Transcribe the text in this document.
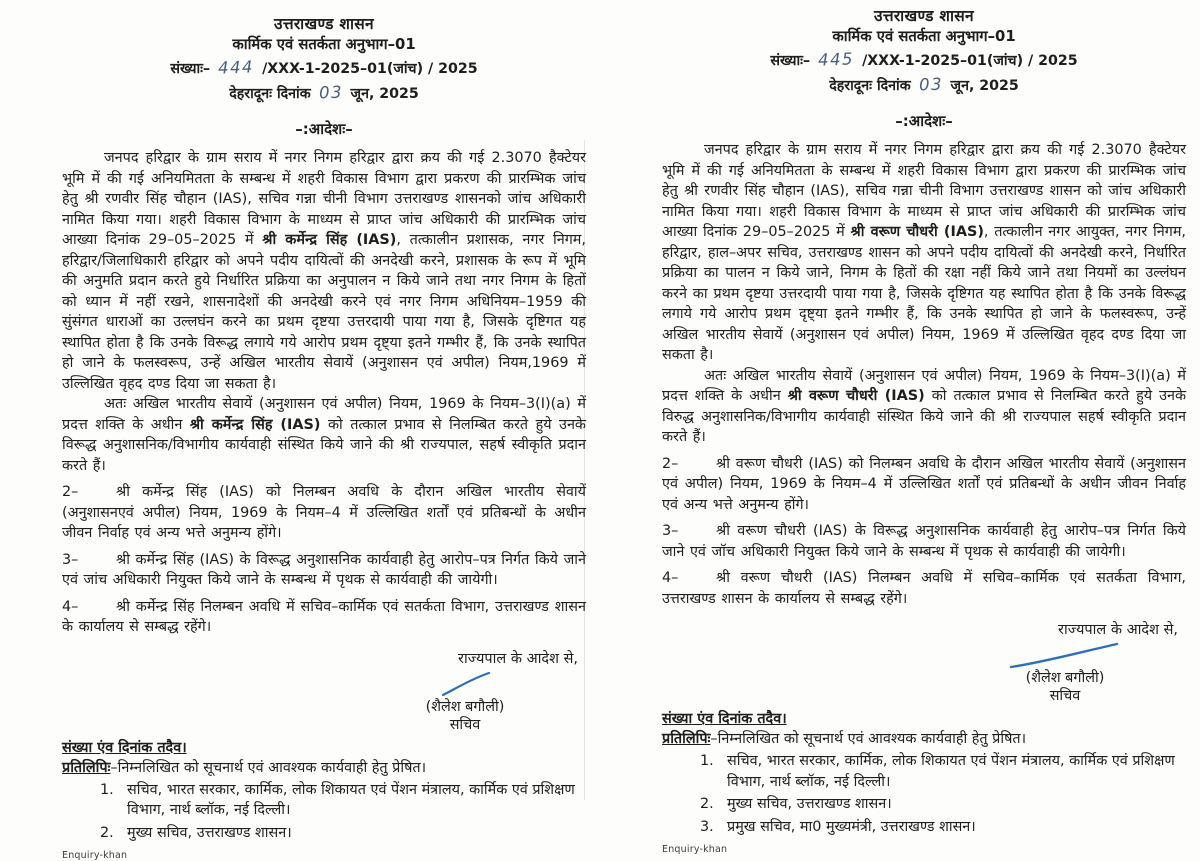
उत्तराखण्ड शासन
कार्मिक एवं सतर्कता अनुभाग–01
संख्याः– 444 /XXX-1-2025–01(जांच) / 2025
देहरादूनः दिनांक 03 जून, 2025
–:आदेशः–

जनपद हरिद्वार के ग्राम सराय में नगर निगम हरिद्वार द्वारा क्रय की गई 2.3070 हैक्टेयर भूमि में की गई अनियमितता के सम्बन्ध में शहरी विकास विभाग द्वारा प्रकरण की प्रारम्भिक जांच हेतु श्री रणवीर सिंह चौहान (IAS), सचिव गन्ना चीनी विभाग उत्तराखण्ड शासनको जांच अधिकारी नामित किया गया। शहरी विकास विभाग के माध्यम से प्राप्त जांच अधिकारी की प्रारम्भिक जांच आख्या दिनांक 29–05–2025 में श्री कर्मेन्द्र सिंह (IAS), तत्कालीन प्रशासक, नगर निगम, हरिद्वार/जिलाधिकारी हरिद्वार को अपने पदीय दायित्वों की अनदेखी करने, प्रशासक के रूप में भूमि की अनुमति प्रदान करते हुये निर्धारित प्रक्रिया का अनुपालन न किये जाने तथा नगर निगम के हितों को ध्यान में नहीं रखने, शासनादेशों की अनदेखी करने एवं नगर निगम अधिनियम–1959 की सुंसंगत धाराओं का उल्लघंन करने का प्रथम दृष्टया उत्तरदायी पाया गया है, जिसके दृष्टिगत यह स्थापित होता है कि उनके विरूद्ध लगाये गये आरोप प्रथम दृष्ट्या इतने गम्भीर हैं, कि उनके स्थापित हो जाने के फलस्वरूप, उन्हें अखिल भारतीय सेवायें (अनुशासन एवं अपील) नियम,1969 में उल्लिखित वृहद दण्ड दिया जा सकता है।

अतः अखिल भारतीय सेवायें (अनुशासन एवं अपील) नियम, 1969 के नियम–3(I)(a) में प्रदत्त शक्ति के अधीन श्री कर्मेन्द्र सिंह (IAS) को तत्काल प्रभाव से निलम्बित करते हुये उनके विरूद्ध अनुशासनिक/विभागीय कार्यवाही संस्थित किये जाने की श्री राज्यपाल, सहर्ष स्वीकृति प्रदान करते हैं।

2–	श्री कर्मेन्द्र सिंह (IAS) को निलम्बन अवधि के दौरान अखिल भारतीय सेवायें (अनुशासनएवं अपील) नियम, 1969 के नियम–4 में उल्लिखित शर्तों एवं प्रतिबन्धों के अधीन जीवन निर्वाह एवं अन्य भत्ते अनुमन्य होंगे।

3–	श्री कर्मेन्द्र सिंह (IAS) के विरूद्ध अनुशासनिक कार्यवाही हेतु आरोप–पत्र निर्गत किये जाने एवं जांच अधिकारी नियुक्त किये जाने के सम्बन्ध में पृथक से कार्यवाही की जायेगी।

4–	श्री कर्मेन्द्र सिंह निलम्बन अवधि में सचिव–कार्मिक एवं सतर्कता विभाग, उत्तराखण्ड शासन के कार्यालय से सम्बद्ध रहेंगे।

राज्यपाल के आदेश से,
(शैलेश बगौली)
सचिव
संख्या एंव दिनांक तदैव।
प्रतिलिपिः–निम्नलिखित को सूचनार्थ एवं आवश्यक कार्यवाही हेतु प्रेषित।
1. सचिव, भारत सरकार, कार्मिक, लोक शिकायत एवं पेंशन मंत्रालय, कार्मिक एवं प्रशिक्षण विभाग, नार्थ ब्लॉक, नई दिल्ली।
2. मुख्य सचिव, उत्तराखण्ड शासन।
Enquiry-khan
उत्तराखण्ड शासन
कार्मिक एवं सतर्कता अनुभाग–01
संख्याः– 445 /XXX-1-2025–01(जांच) / 2025
देहरादूनः दिनांक 03 जून, 2025
–:आदेशः–

जनपद हरिद्वार के ग्राम सराय में नगर निगम हरिद्वार द्वारा क्रय की गई 2.3070 हैक्टेयर भूमि में की गई अनियमितता के सम्बन्ध में शहरी विकास विभाग द्वारा प्रकरण की प्रारम्भिक जांच हेतु श्री रणवीर सिंह चौहान (IAS), सचिव गन्ना चीनी विभाग उत्तराखण्ड शासन को जांच अधिकारी नामित किया गया। शहरी विकास विभाग के माध्यम से प्राप्त जांच अधिकारी की प्रारम्भिक जांच आख्या दिनांक 29–05–2025 में श्री वरूण चौधरी (IAS), तत्कालीन नगर आयुक्त, नगर निगम, हरिद्वार, हाल–अपर सचिव, उत्तराखण्ड शासन को अपने पदीय दायित्वों की अनदेखी करने, निर्धारित प्रक्रिया का पालन न किये जाने, निगम के हितों की रक्षा नहीं किये जाने तथा नियमों का उल्लंघन करने का प्रथम दृष्टया उत्तरदायी पाया गया है, जिसके दृष्टिगत यह स्थापित होता है कि उनके विरूद्ध लगाये गये आरोप प्रथम दृष्ट्या इतने गम्भीर हैं, कि उनके स्थापित हो जाने के फलस्वरूप, उन्हें अखिल भारतीय सेवायें (अनुशासन एवं अपील) नियम, 1969 में उल्लिखित वृहद दण्ड दिया जा सकता है।

अतः अखिल भारतीय सेवायें (अनुशासन एवं अपील) नियम, 1969 के नियम–3(I)(a) में प्रदत्त शक्ति के अधीन श्री वरूण चौधरी (IAS) को तत्काल प्रभाव से निलम्बित करते हुये उनके विरुद्ध अनुशासनिक/विभागीय कार्यवाही संस्थित किये जाने की श्री राज्यपाल सहर्ष स्वीकृति प्रदान करते हैं।

2–	श्री वरूण चौधरी (IAS) को निलम्बन अवधि के दौरान अखिल भारतीय सेवायें (अनुशासन एवं अपील) नियम, 1969 के नियम–4 में उल्लिखित शर्तों एवं प्रतिबन्धों के अधीन जीवन निर्वाह एवं अन्य भत्ते अनुमन्य होंगे।

3–	श्री वरूण चौधरी (IAS) के विरूद्ध अनुशासनिक कार्यवाही हेतु आरोप–पत्र निर्गत किये जाने एवं जॉच अधिकारी नियुक्त किये जाने के सम्बन्ध में पृथक से कार्यवाही की जायेगी।

4–	श्री वरूण चौधरी (IAS) निलम्बन अवधि में सचिव–कार्मिक एवं सतर्कता विभाग, उत्तराखण्ड शासन के कार्यालय से सम्बद्ध रहेंगे।

राज्यपाल के आदेश से,
(शैलेश बगौली)
सचिव
संख्या एंव दिनांक तदैव।
प्रतिलिपिः–निम्नलिखित को सूचनार्थ एवं आवश्यक कार्यवाही हेतु प्रेषित।
1. सचिव, भारत सरकार, कार्मिक, लोक शिकायत एवं पेंशन मंत्रालय, कार्मिक एवं प्रशिक्षण विभाग, नार्थ ब्लॉक, नई दिल्ली।
2. मुख्य सचिव, उत्तराखण्ड शासन।
3. प्रमुख सचिव, मा0 मुख्यमंत्री, उत्तराखण्ड शासन।
Enquiry-khan
